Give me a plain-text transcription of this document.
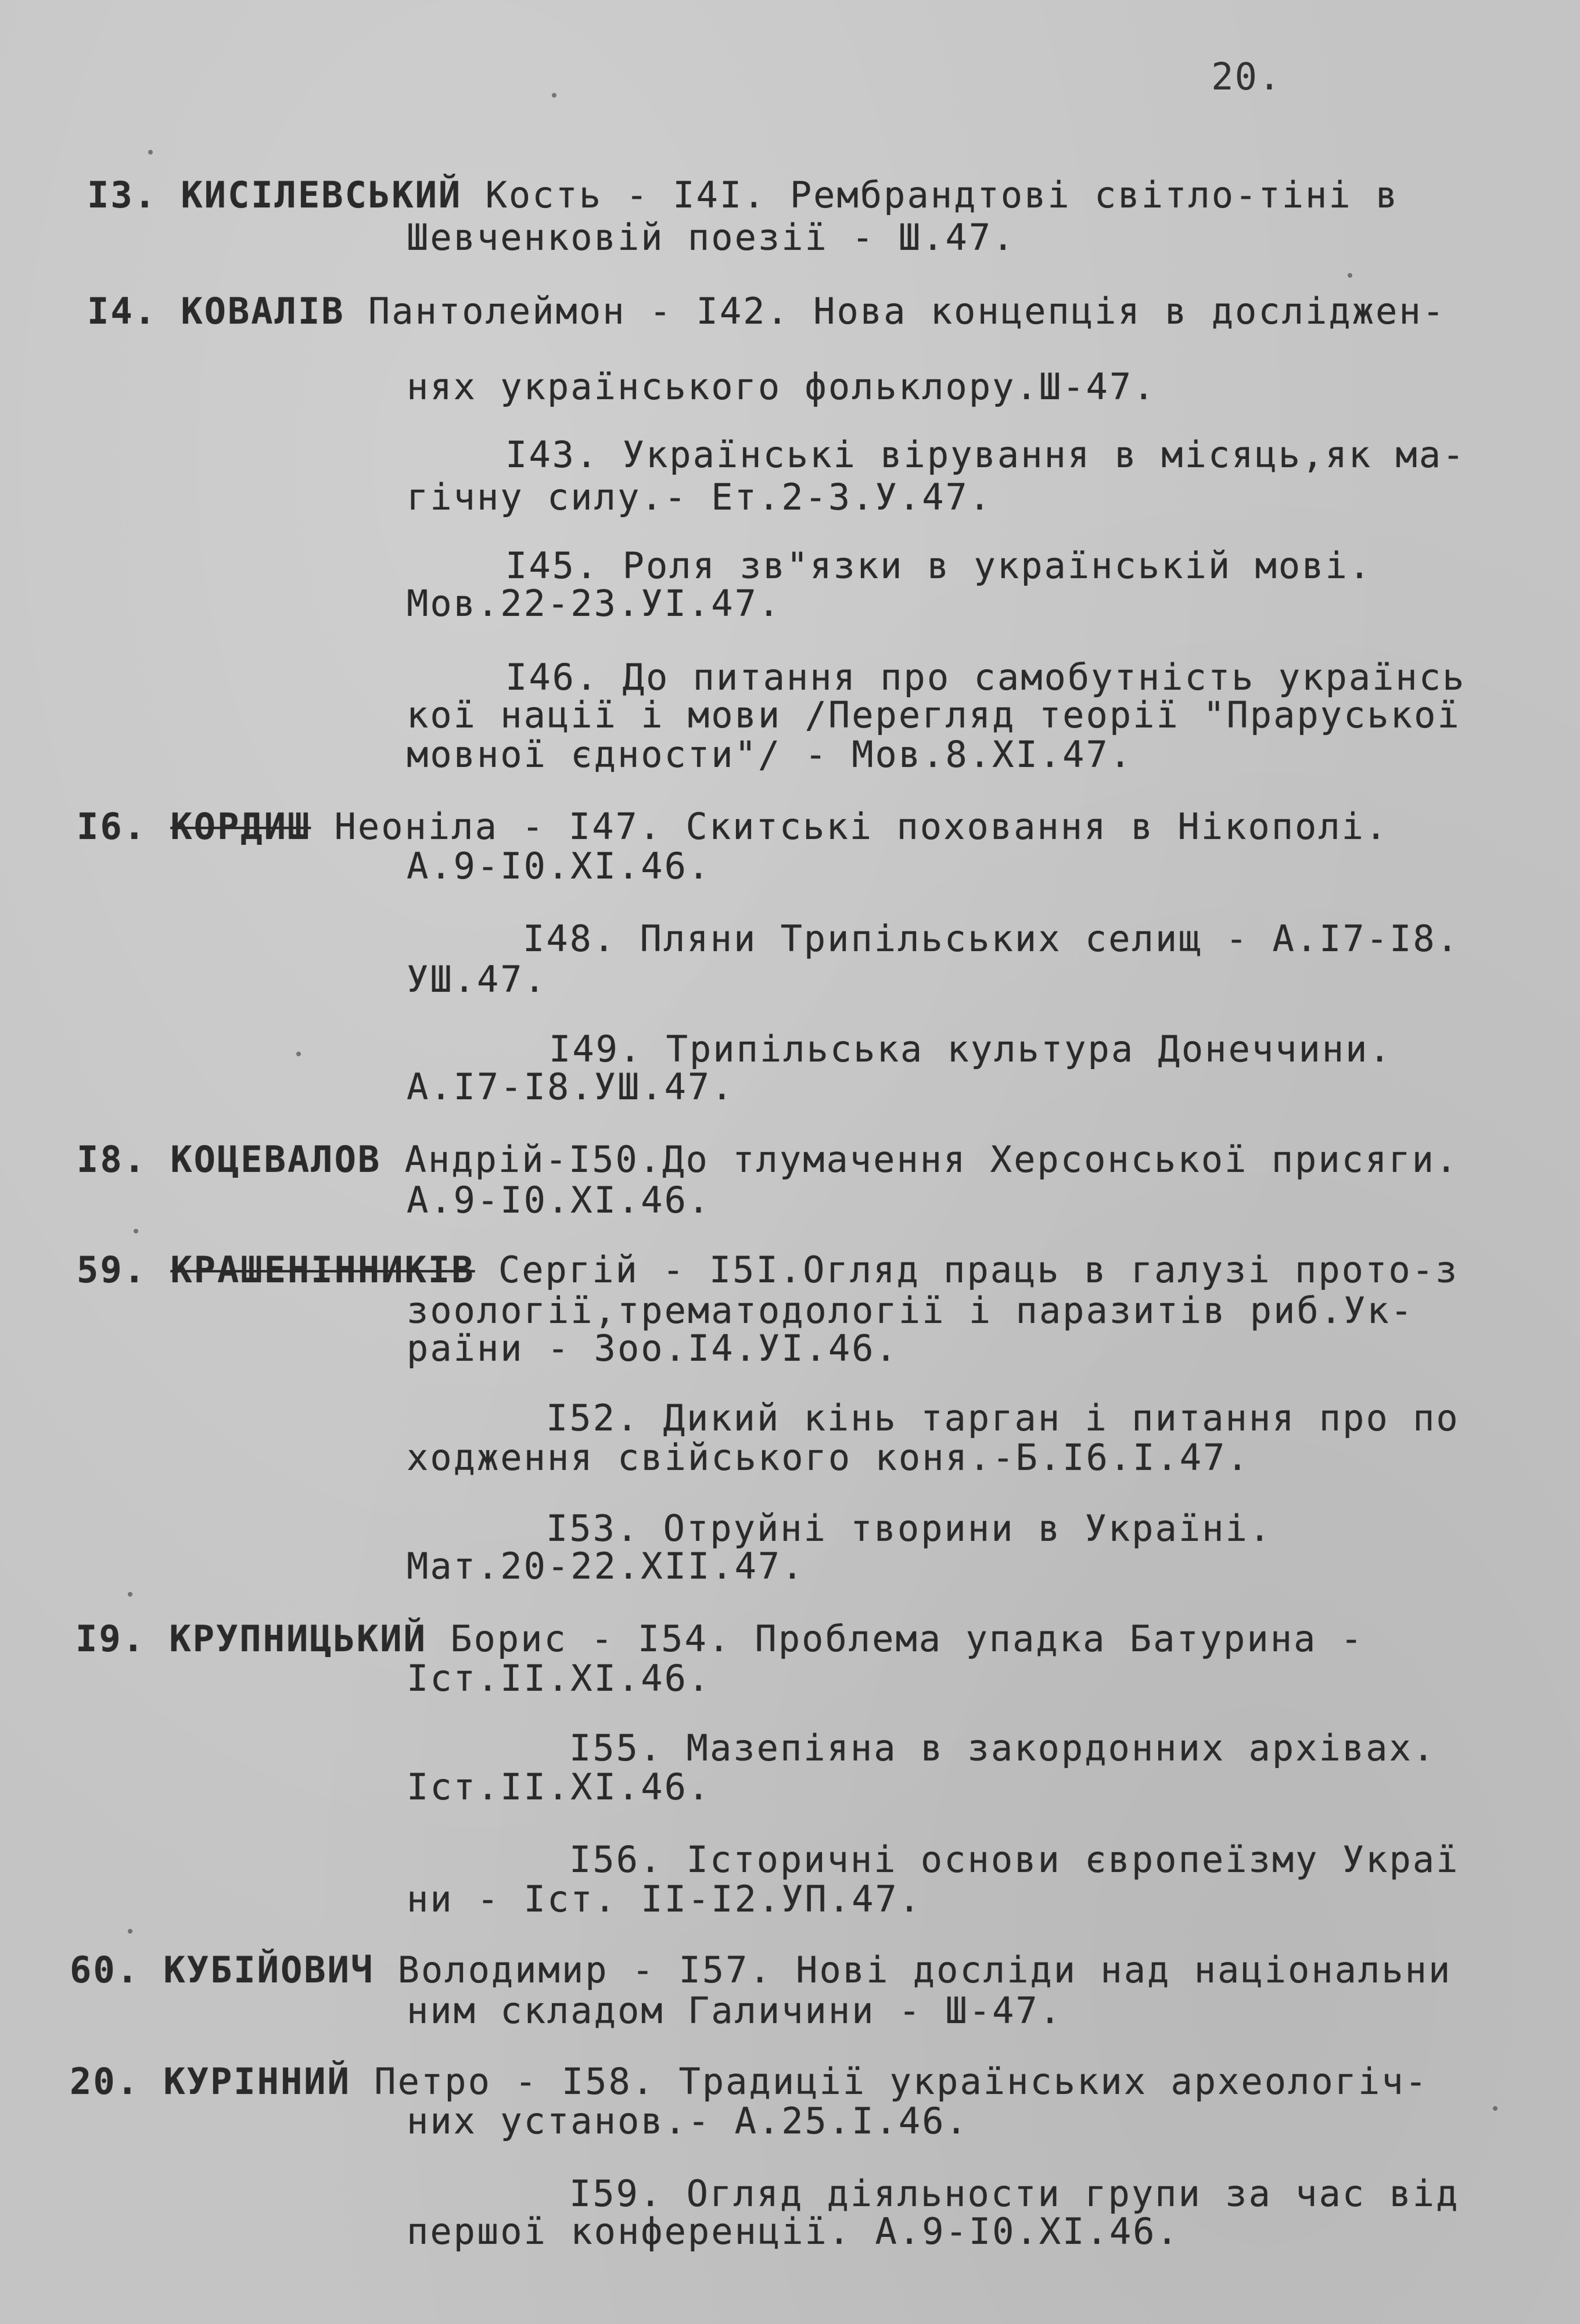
20.
I3. КИСІЛЕВСЬКИЙ Кость - I4I. Рембрандтові світло-тіні в
Шевченковій поезії - Ш.47.
I4. КОВАЛІВ Пантолеймон - I42. Нова концепція в досліджен-
нях українського фольклору.Ш-47.
I43. Українські вірування в місяць,як ма-
гічну силу.- Ет.2-3.У.47.
I45. Роля зв"язки в українській мові.
Мов.22-23.УІ.47.
I46. До питання про самобутність українсь
кої нації і мови /Перегляд теорії "Праруської
мовної єдности"/ - Мов.8.ХІ.47.
I6. КОРДИШ Неоніла - I47. Скитські поховання в Нікополі.
А.9-I0.XI.46.
I48. Пляни Трипільських селищ - А.I7-I8.
УШ.47.
I49. Трипільська культура Донеччини.
А.I7-I8.УШ.47.
I8. КОЦЕВАЛОВ Андрій-I50.До тлумачення Херсонської присяги.
А.9-I0.XI.46.
59. КРАШЕНІННИКІВ Сергій - I5I.Огляд праць в галузі прото-з
зоології,трематодології і паразитів риб.Ук-
раїни - Зоо.I4.УІ.46.
I52. Дикий кінь тарган і питання про по
ходження свійського коня.-Б.I6.I.47.
I53. Отруйні творини в Україні.
Мат.20-22.XII.47.
I9. КРУПНИЦЬКИЙ Борис - I54. Проблема упадка Батурина -
Іст.II.XI.46.
I55. Мазепіяна в закордонних архівах.
Іст.II.XI.46.
I56. Історичні основи європеїзму Украї
ни - Іст. II-I2.УП.47.
60. КУБІЙОВИЧ Володимир - I57. Нові досліди над національни
ним складом Галичини - Ш-47.
20. КУРІННИЙ Петро - I58. Традиції українських археологіч-
них установ.- А.25.I.46.
I59. Огляд діяльности групи за час від
першої конференції. А.9-I0.XI.46.
